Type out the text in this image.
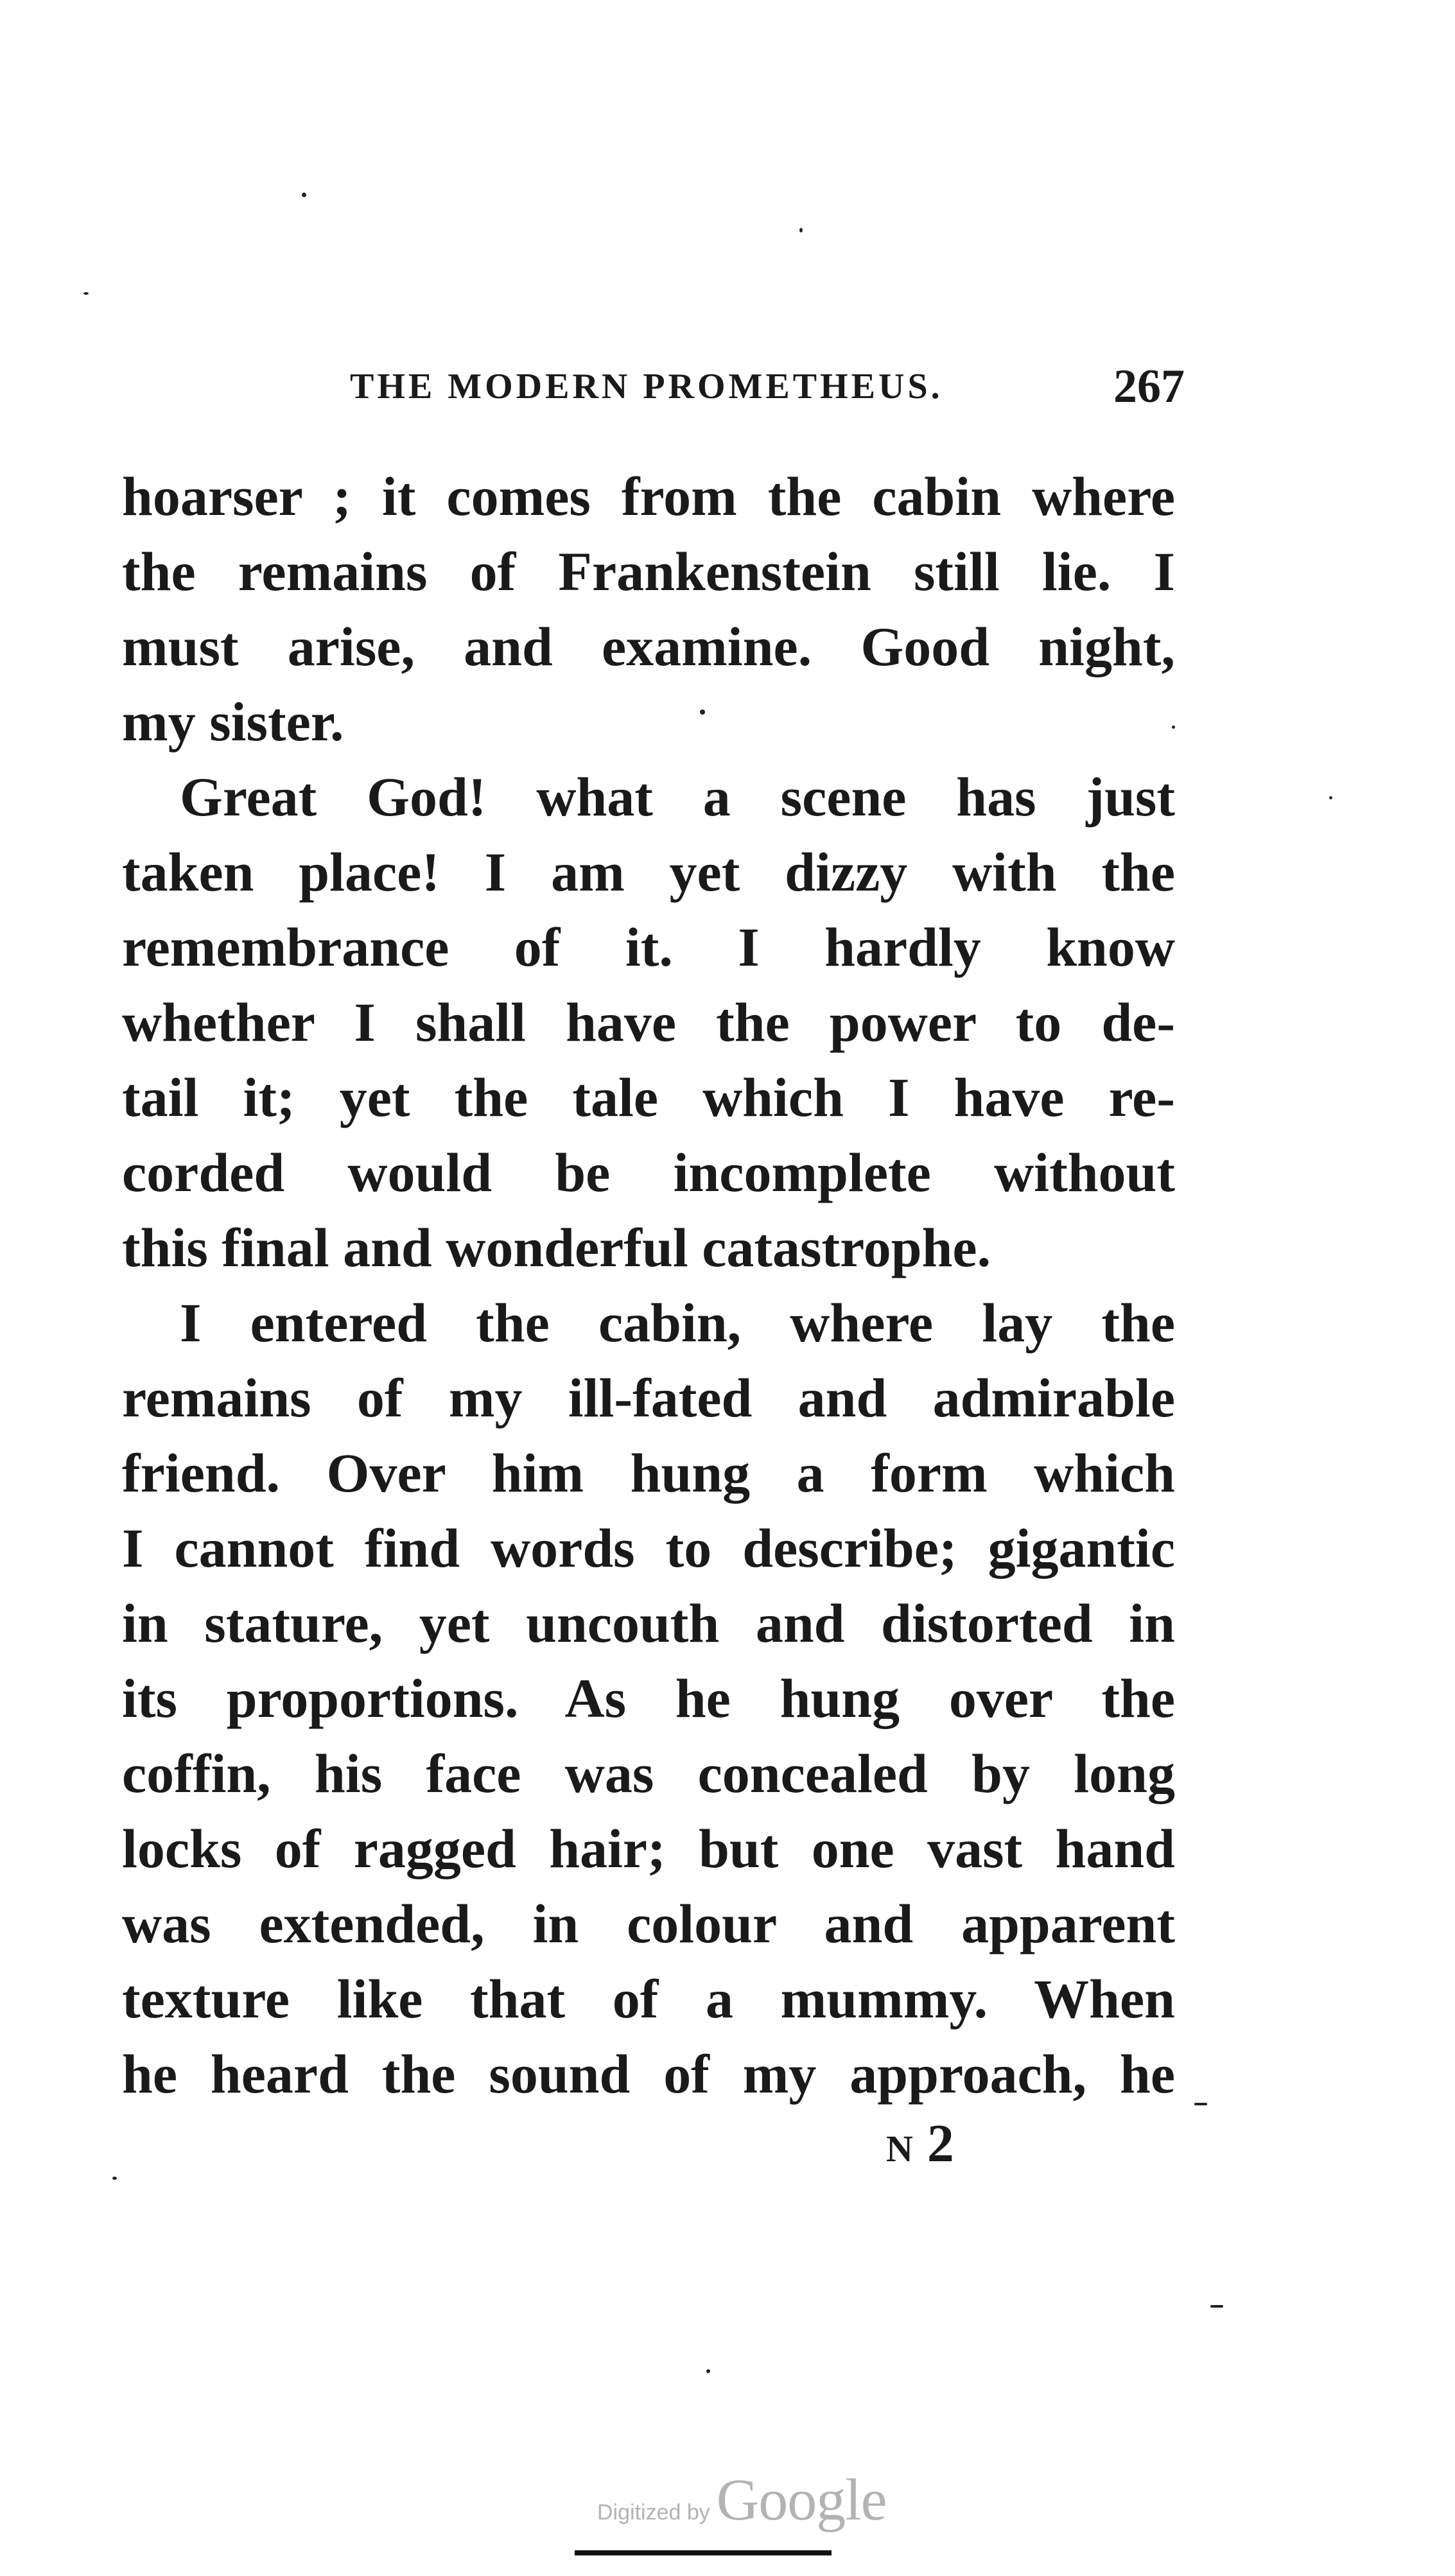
THE MODERN PROMETHEUS.	267
hoarser ; it comes from the cabin where
the remains of Frankenstein still lie. I
must arise, and examine. Good night,
my sister.
Great God! what a scene has just
taken place! I am yet dizzy with the
remembrance of it. I hardly know
whether I shall have the power to de-
tail it; yet the tale which I have re-
corded would be incomplete without
this final and wonderful catastrophe.
I entered the cabin, where lay the
remains of my ill-fated and admirable
friend. Over him hung a form which
I cannot find words to describe; gigantic
in stature, yet uncouth and distorted in
its proportions. As he hung over the
coffin, his face was concealed by long
locks of ragged hair; but one vast hand
was extended, in colour and apparent
texture like that of a mummy. When
he heard the sound of my approach, he
N 2
Digitized by Google
